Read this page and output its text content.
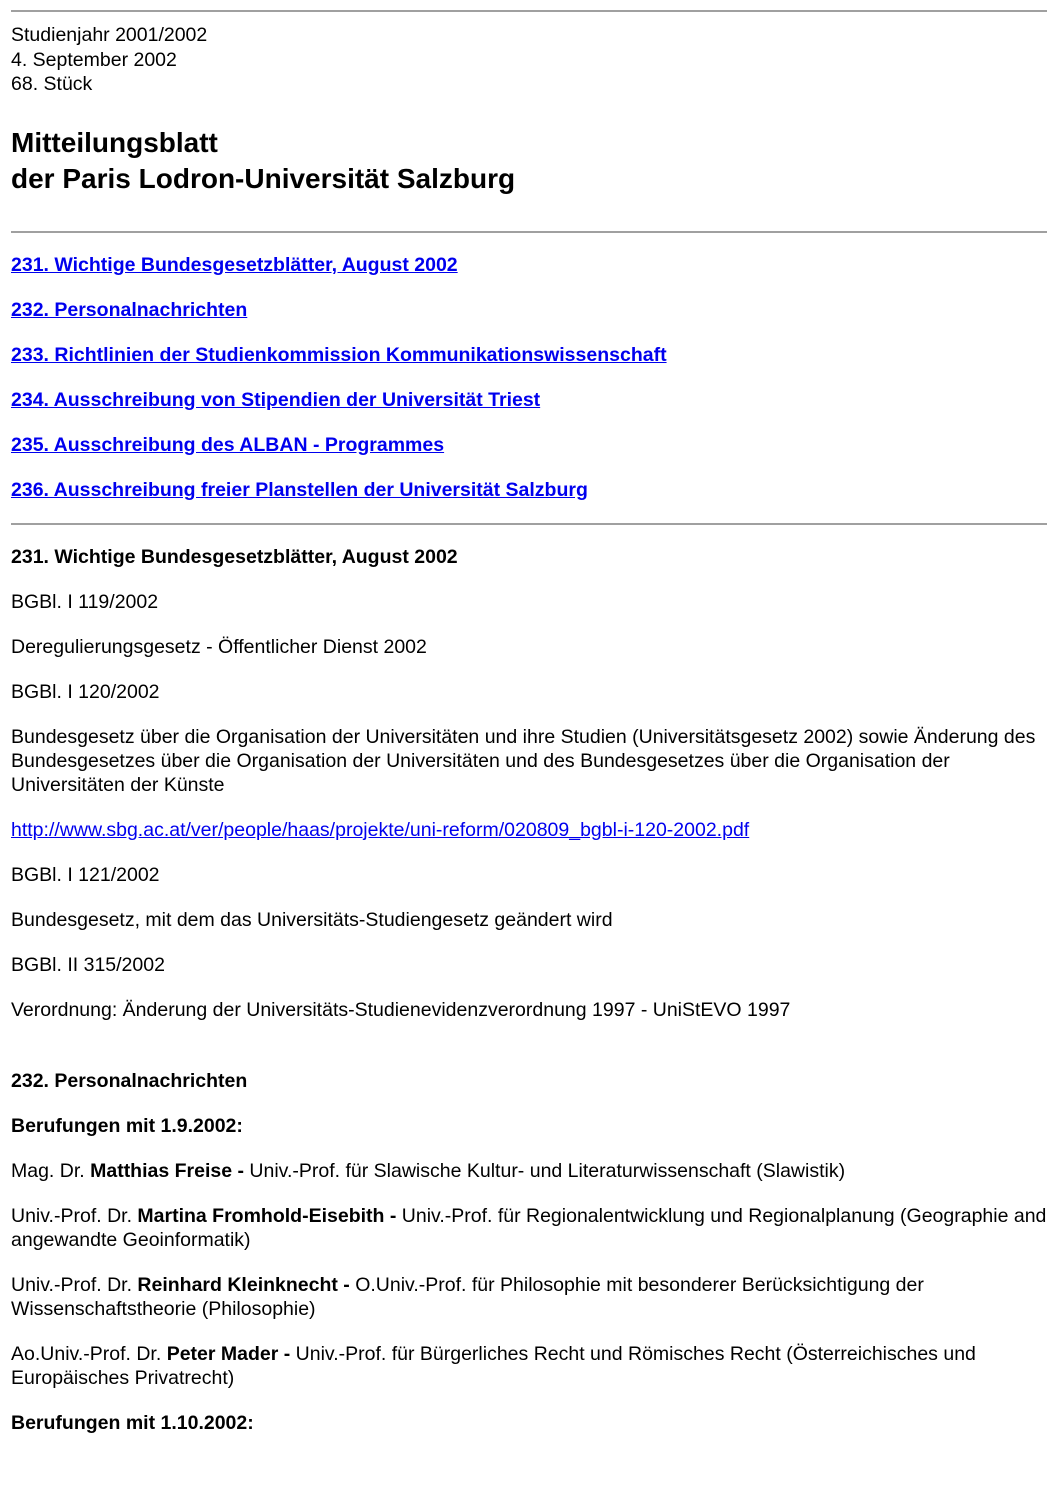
Studienjahr 2001/2002
4. September 2002
68. Stück
Mitteilungsblatt
der Paris Lodron-Universität Salzburg
231. Wichtige Bundesgesetzblätter, August 2002
232. Personalnachrichten
233. Richtlinien der Studienkommission Kommunikationswissenschaft
234. Ausschreibung von Stipendien der Universität Triest
235. Ausschreibung des ALBAN - Programmes
236. Ausschreibung freier Planstellen der Universität Salzburg

231. Wichtige Bundesgesetzblätter, August 2002

BGBl. I 119/2002

Deregulierungsgesetz - Öffentlicher Dienst 2002

BGBl. I 120/2002

Bundesgesetz über die Organisation der Universitäten und ihre Studien (Universitätsgesetz 2002) sowie Änderung des Bundesgesetzes über die Organisation der Universitäten und des Bundesgesetzes über die Organisation der Universitäten der Künste

http://www.sbg.ac.at/ver/people/haas/projekte/uni-reform/020809_bgbl-i-120-2002.pdf

BGBl. I 121/2002

Bundesgesetz, mit dem das Universitäts-Studiengesetz geändert wird

BGBl. II 315/2002

Verordnung: Änderung der Universitäts-Studienevidenzverordnung 1997 - UniStEVO 1997

232. Personalnachrichten

Berufungen mit 1.9.2002:

Mag. Dr. Matthias Freise - Univ.-Prof. für Slawische Kultur- und Literaturwissenschaft (Slawistik)

Univ.-Prof. Dr. Martina Fromhold-Eisebith - Univ.-Prof. für Regionalentwicklung und Regionalplanung (Geographie and angewandte Geoinformatik)

Univ.-Prof. Dr. Reinhard Kleinknecht - O.Univ.-Prof. für Philosophie mit besonderer Berücksichtigung der Wissenschaftstheorie (Philosophie)

Ao.Univ.-Prof. Dr. Peter Mader - Univ.-Prof. für Bürgerliches Recht und Römisches Recht (Österreichisches und Europäisches Privatrecht)

Berufungen mit 1.10.2002:
